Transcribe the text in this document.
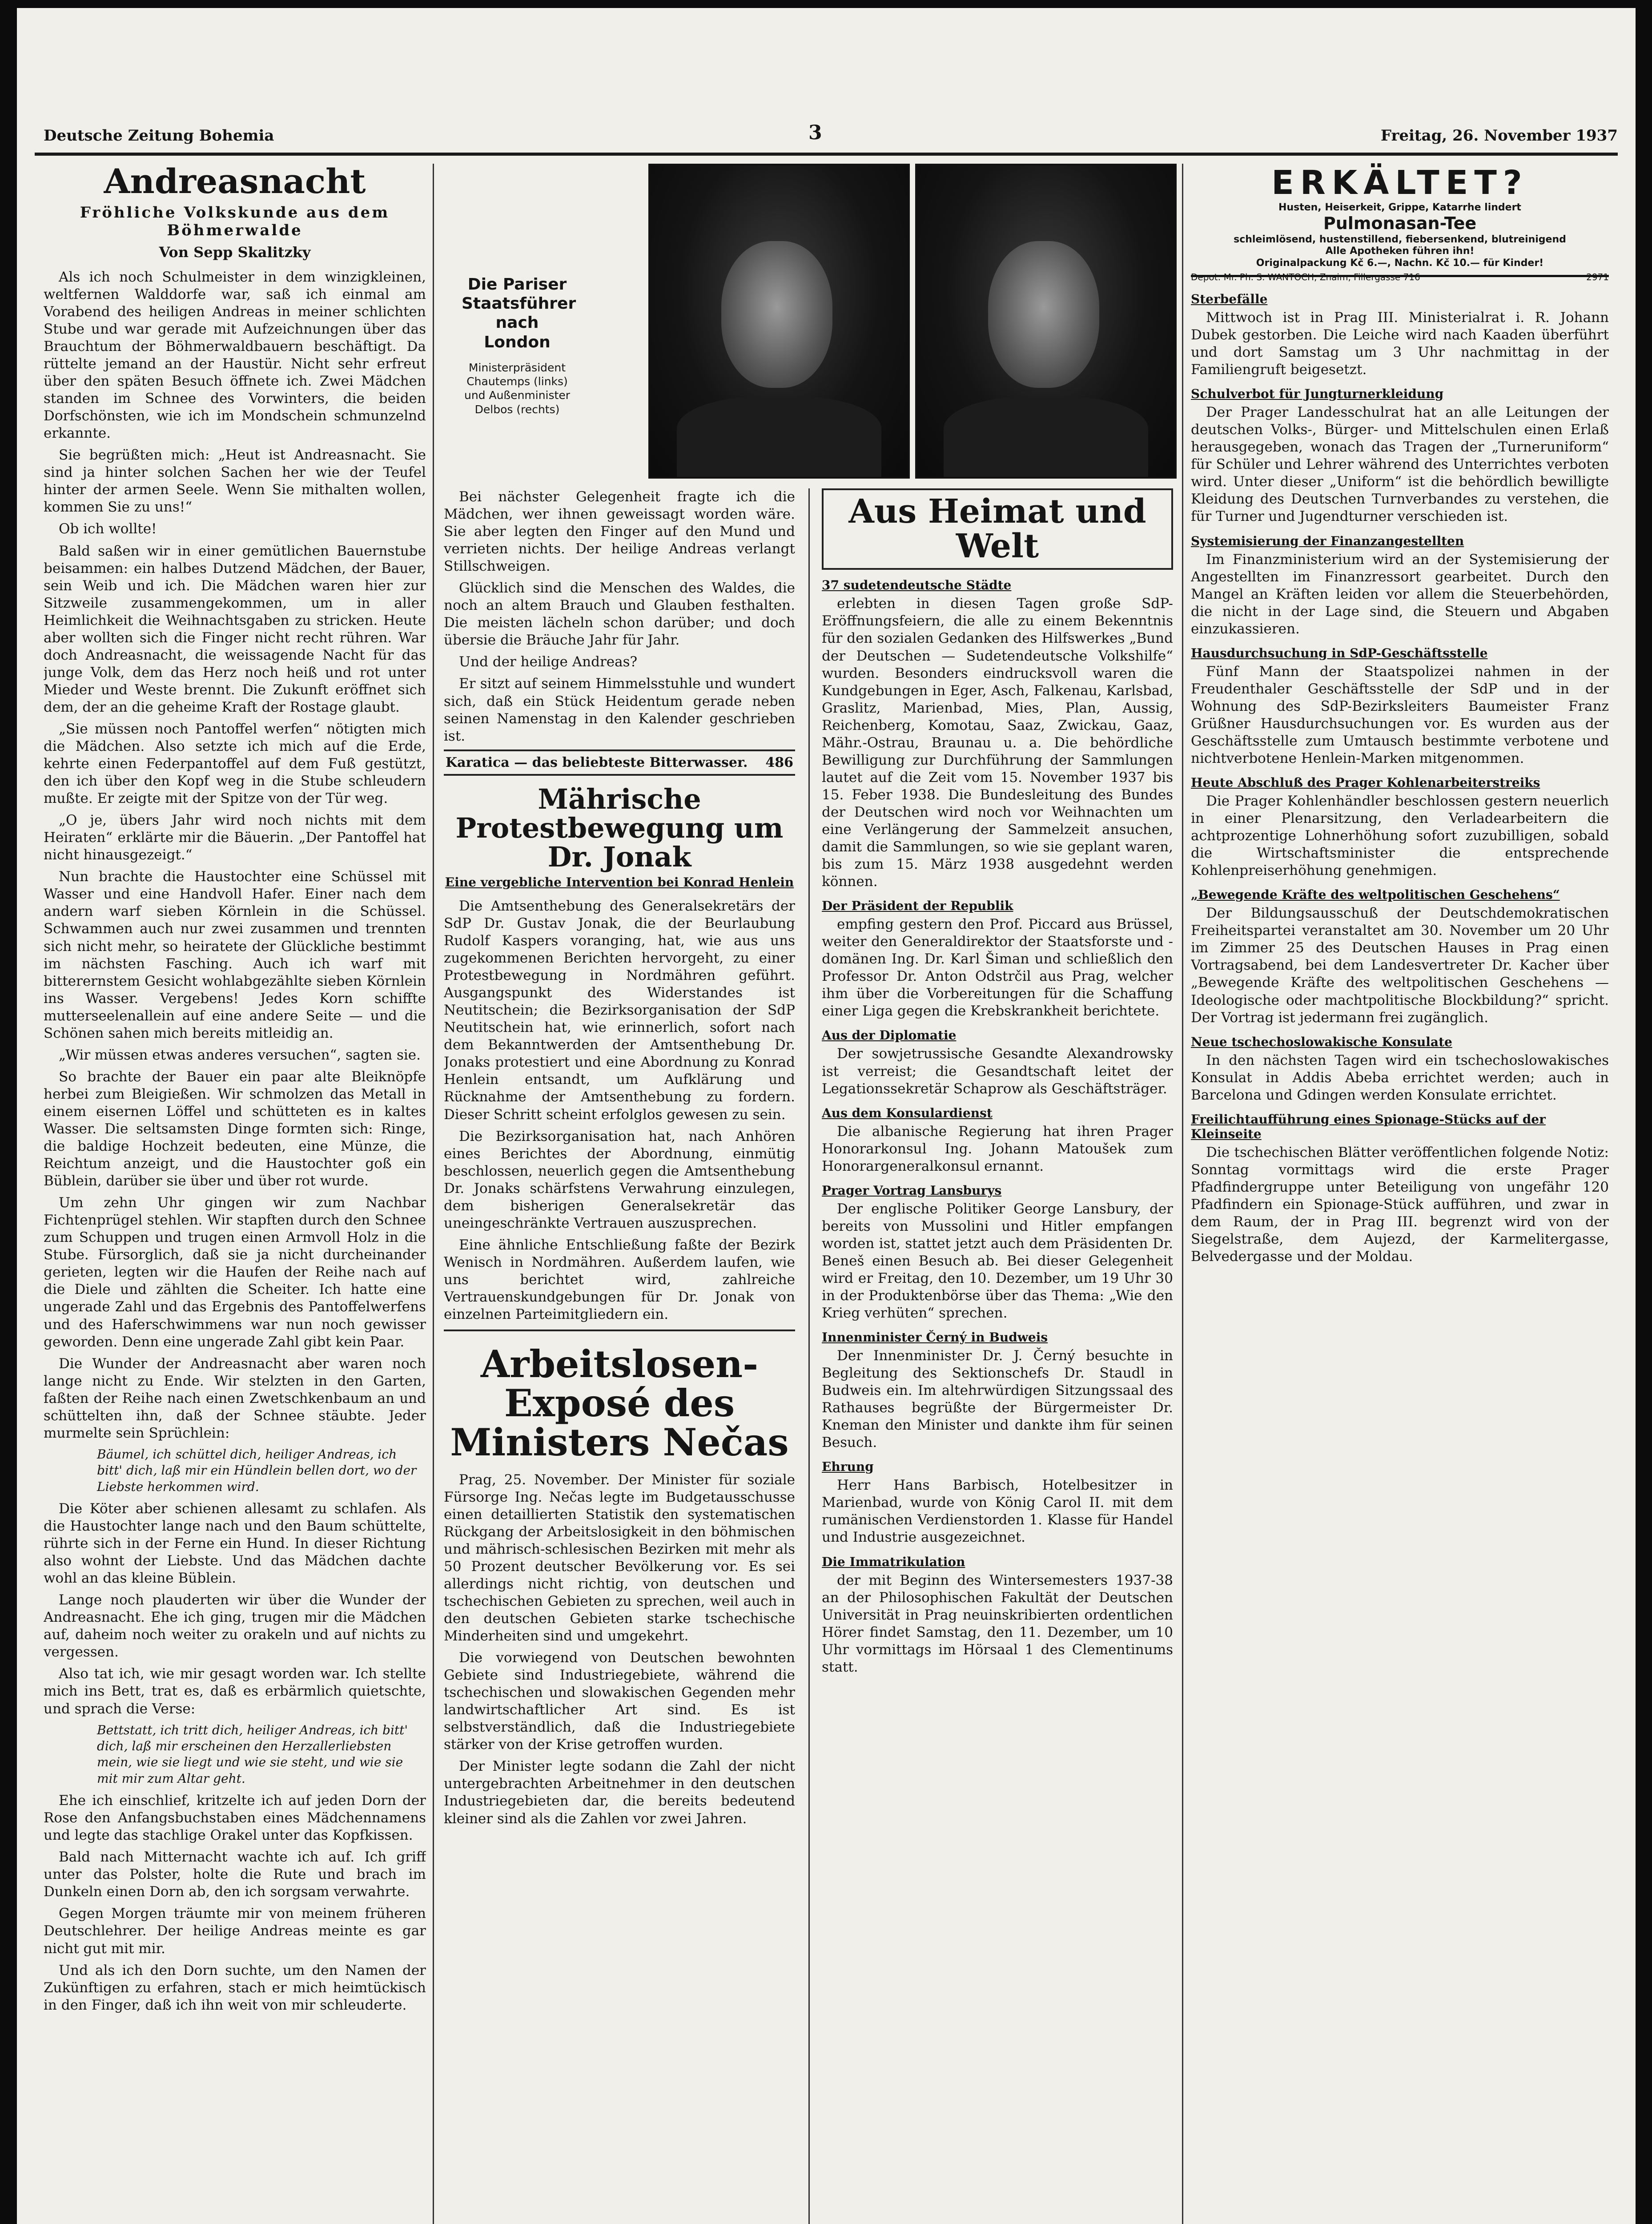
Deutsche Zeitung Bohemia	3	Freitag, 26. November 1937
Andreasnacht
Fröhliche Volkskunde aus dem Böhmerwalde
Von Sepp Skalitzky

Als ich noch Schulmeister in dem winzigkleinen, weltfernen Walddorfe war, saß ich einmal am Vorabend des heiligen Andreas in meiner schlichten Stube und war gerade mit Aufzeichnungen über das Brauchtum der Böhmerwaldbauern beschäftigt. Da rüttelte jemand an der Haustür. Nicht sehr erfreut über den späten Besuch öffnete ich. Zwei Mädchen standen im Schnee des Vorwinters, die beiden Dorfschönsten, wie ich im Mondschein schmunzelnd erkannte.

Sie begrüßten mich: „Heut ist Andreasnacht. Sie sind ja hinter solchen Sachen her wie der Teufel hinter der armen Seele. Wenn Sie mithalten wollen, kommen Sie zu uns!“

Ob ich wollte!

Bald saßen wir in einer gemütlichen Bauernstube beisammen: ein halbes Dutzend Mädchen, der Bauer, sein Weib und ich. Die Mädchen waren hier zur Sitzweile zusammengekommen, um in aller Heimlichkeit die Weihnachtsgaben zu stricken. Heute aber wollten sich die Finger nicht recht rühren. War doch Andreasnacht, die weissagende Nacht für das junge Volk, dem das Herz noch heiß und rot unter Mieder und Weste brennt. Die Zukunft eröffnet sich dem, der an die geheime Kraft der Rostage glaubt.

„Sie müssen noch Pantoffel werfen“ nötigten mich die Mädchen. Also setzte ich mich auf die Erde, kehrte einen Federpantoffel auf dem Fuß gestützt, den ich über den Kopf weg in die Stube schleudern mußte. Er zeigte mit der Spitze von der Tür weg.

„O je, übers Jahr wird noch nichts mit dem Heiraten“ erklärte mir die Bäuerin. „Der Pantoffel hat nicht hinausgezeigt.“

Nun brachte die Haustochter eine Schüssel mit Wasser und eine Handvoll Hafer. Einer nach dem andern warf sieben Körnlein in die Schüssel. Schwammen auch nur zwei zusammen und trennten sich nicht mehr, so heiratete der Glückliche bestimmt im nächsten Fasching. Auch ich warf mit bitterernstem Gesicht wohlabgezählte sieben Körnlein ins Wasser. Vergebens! Jedes Korn schiffte mutterseelenallein auf eine andere Seite — und die Schönen sahen mich bereits mitleidig an.

„Wir müssen etwas anderes versuchen“, sagten sie.

So brachte der Bauer ein paar alte Bleiknöpfe herbei zum Bleigießen. Wir schmolzen das Metall in einem eisernen Löffel und schütteten es in kaltes Wasser. Die seltsamsten Dinge formten sich: Ringe, die baldige Hochzeit bedeuten, eine Münze, die Reichtum anzeigt, und die Haustochter goß ein Büblein, darüber sie über und über rot wurde.

Um zehn Uhr gingen wir zum Nachbar Fichtenprügel stehlen. Wir stapften durch den Schnee zum Schuppen und trugen einen Armvoll Holz in die Stube. Fürsorglich, daß sie ja nicht durcheinander gerieten, legten wir die Haufen der Reihe nach auf die Diele und zählten die Scheiter. Ich hatte eine ungerade Zahl und das Ergebnis des Pantoffelwerfens und des Haferschwimmens war nun noch gewisser geworden. Denn eine ungerade Zahl gibt kein Paar.

Die Wunder der Andreasnacht aber waren noch lange nicht zu Ende. Wir stelzten in den Garten, faßten der Reihe nach einen Zwetschkenbaum an und schüttelten ihn, daß der Schnee stäubte. Jeder murmelte sein Sprüchlein:

Bäumel, ich schüttel dich, heiliger Andreas, ich bitt' dich, laß mir ein Hündlein bellen dort, wo der Liebste herkommen wird.

Die Köter aber schienen allesamt zu schlafen. Als die Haustochter lange nach und den Baum schüttelte, rührte sich in der Ferne ein Hund. In dieser Richtung also wohnt der Liebste. Und das Mädchen dachte wohl an das kleine Büblein.

Lange noch plauderten wir über die Wunder der Andreasnacht. Ehe ich ging, trugen mir die Mädchen auf, daheim noch weiter zu orakeln und auf nichts zu vergessen.

Also tat ich, wie mir gesagt worden war. Ich stellte mich ins Bett, trat es, daß es erbärmlich quietschte, und sprach die Verse:

Bettstatt, ich tritt dich, heiliger Andreas, ich bitt' dich, laß mir erscheinen den Herzallerliebsten mein, wie sie liegt und wie sie steht, und wie sie mit mir zum Altar geht.

Ehe ich einschlief, kritzelte ich auf jeden Dorn der Rose den Anfangsbuchstaben eines Mädchennamens und legte das stachlige Orakel unter das Kopfkissen.

Bald nach Mitternacht wachte ich auf. Ich griff unter das Polster, holte die Rute und brach im Dunkeln einen Dorn ab, den ich sorgsam verwahrte.

Gegen Morgen träumte mir von meinem früheren Deutschlehrer. Der heilige Andreas meinte es gar nicht gut mit mir.

Und als ich den Dorn suchte, um den Namen der Zukünftigen zu erfahren, stach er mich heimtückisch in den Finger, daß ich ihn weit von mir schleuderte.

Die Pariser Staatsführer nach London
Ministerpräsident Chautemps (links) und Außenminister Delbos (rechts)

Bei nächster Gelegenheit fragte ich die Mädchen, wer ihnen geweissagt worden wäre. Sie aber legten den Finger auf den Mund und verrieten nichts. Der heilige Andreas verlangt Stillschweigen.

Glücklich sind die Menschen des Waldes, die noch an altem Brauch und Glauben festhalten. Die meisten lächeln schon darüber; und doch übersie die Bräuche Jahr für Jahr.

Und der heilige Andreas?

Er sitzt auf seinem Himmelsstuhle und wundert sich, daß ein Stück Heidentum gerade neben seinen Namenstag in den Kalender geschrieben ist.

Karatica — das beliebteste Bitterwasser. 486
Mährische Protestbewegung um Dr. Jonak
Eine vergebliche Intervention bei Konrad Henlein

Die Amtsenthebung des Generalsekretärs der SdP Dr. Gustav Jonak, die der Beurlaubung Rudolf Kaspers voranging, hat, wie aus uns zugekommenen Berichten hervorgeht, zu einer Protestbewegung in Nordmähren geführt. Ausgangspunkt des Widerstandes ist Neutitschein; die Bezirksorganisation der SdP Neutitschein hat, wie erinnerlich, sofort nach dem Bekanntwerden der Amtsenthebung Dr. Jonaks protestiert und eine Abordnung zu Konrad Henlein entsandt, um Aufklärung und Rücknahme der Amtsenthebung zu fordern. Dieser Schritt scheint erfolglos gewesen zu sein.

Die Bezirksorganisation hat, nach Anhören eines Berichtes der Abordnung, einmütig beschlossen, neuerlich gegen die Amtsenthebung Dr. Jonaks schärfstens Verwahrung einzulegen, dem bisherigen Generalsekretär das uneingeschränkte Vertrauen auszusprechen.

Eine ähnliche Entschließung faßte der Bezirk Wenisch in Nordmähren. Außerdem laufen, wie uns berichtet wird, zahlreiche Vertrauenskundgebungen für Dr. Jonak von einzelnen Parteimitgliedern ein.

Arbeitslosen-Exposé des Ministers Nečas

Prag, 25. November. Der Minister für soziale Fürsorge Ing. Nečas legte im Budgetausschusse einen detaillierten Statistik den systematischen Rückgang der Arbeitslosigkeit in den böhmischen und mährisch-schlesischen Bezirken mit mehr als 50 Prozent deutscher Bevölkerung vor. Es sei allerdings nicht richtig, von deutschen und tschechischen Gebieten zu sprechen, weil auch in den deutschen Gebieten starke tschechische Minderheiten sind und umgekehrt.

Die vorwiegend von Deutschen bewohnten Gebiete sind Industriegebiete, während die tschechischen und slowakischen Gegenden mehr landwirtschaftlicher Art sind. Es ist selbstverständlich, daß die Industriegebiete stärker von der Krise getroffen wurden.

Der Minister legte sodann die Zahl der nicht untergebrachten Arbeitnehmer in den deutschen Industriegebieten dar, die bereits bedeutend kleiner sind als die Zahlen vor zwei Jahren.

Aus Heimat und Welt
37 sudetendeutsche Städte

erlebten in diesen Tagen große SdP-Eröffnungsfeiern, die alle zu einem Bekenntnis für den sozialen Gedanken des Hilfswerkes „Bund der Deutschen — Sudetendeutsche Volkshilfe“ wurden. Besonders eindrucksvoll waren die Kundgebungen in Eger, Asch, Falkenau, Karlsbad, Graslitz, Marienbad, Mies, Plan, Aussig, Reichenberg, Komotau, Saaz, Zwickau, Gaaz, Mähr.-Ostrau, Braunau u. a. Die behördliche Bewilligung zur Durchführung der Sammlungen lautet auf die Zeit vom 15. November 1937 bis 15. Feber 1938. Die Bundesleitung des Bundes der Deutschen wird noch vor Weihnachten um eine Verlängerung der Sammelzeit ansuchen, damit die Sammlungen, so wie sie geplant waren, bis zum 15. März 1938 ausgedehnt werden können.

Der Präsident der Republik

empfing gestern den Prof. Piccard aus Brüssel, weiter den Generaldirektor der Staatsforste und -domänen Ing. Dr. Karl Šiman und schließlich den Professor Dr. Anton Odstrčil aus Prag, welcher ihm über die Vorbereitungen für die Schaffung einer Liga gegen die Krebskrankheit berichtete.

Aus der Diplomatie

Der sowjetrussische Gesandte Alexandrowsky ist verreist; die Gesandtschaft leitet der Legationssekretär Schaprow als Geschäftsträger.

Aus dem Konsulardienst

Die albanische Regierung hat ihren Prager Honorarkonsul Ing. Johann Matoušek zum Honorargeneralkonsul ernannt.

Prager Vortrag Lansburys

Der englische Politiker George Lansbury, der bereits von Mussolini und Hitler empfangen worden ist, stattet jetzt auch dem Präsidenten Dr. Beneš einen Besuch ab. Bei dieser Gelegenheit wird er Freitag, den 10. Dezember, um 19 Uhr 30 in der Produktenbörse über das Thema: „Wie den Krieg verhüten“ sprechen.

Innenminister Černý in Budweis

Der Innenminister Dr. J. Černý besuchte in Begleitung des Sektionschefs Dr. Staudl in Budweis ein. Im altehrwürdigen Sitzungssaal des Rathauses begrüßte der Bürgermeister Dr. Kneman den Minister und dankte ihm für seinen Besuch.

Ehrung

Herr Hans Barbisch, Hotelbesitzer in Marienbad, wurde von König Carol II. mit dem rumänischen Verdienstorden 1. Klasse für Handel und Industrie ausgezeichnet.

Die Immatrikulation

der mit Beginn des Wintersemesters 1937-38 an der Philosophischen Fakultät der Deutschen Universität in Prag neuinskribierten ordentlichen Hörer findet Samstag, den 11. Dezember, um 10 Uhr vormittags im Hörsaal 1 des Clementinums statt.

ERKÄLTET?
Husten, Heiserkeit, Grippe, Katarrhe lindert
Pulmonasan-Tee
schleimlösend, hustenstillend, fiebersenkend, blutreinigend
Alle Apotheken führen ihn!
Originalpackung Kč 6.—, Nachn. Kč 10.— für Kinder!
Depot: Mr. Ph. S. WANTOCH, Znaim, Fillergasse 716	2971
Sterbefälle

Mittwoch ist in Prag III. Ministerialrat i. R. Johann Dubek gestorben. Die Leiche wird nach Kaaden überführt und dort Samstag um 3 Uhr nachmittag in der Familiengruft beigesetzt.

Schulverbot für Jungturnerkleidung

Der Prager Landesschulrat hat an alle Leitungen der deutschen Volks-, Bürger- und Mittelschulen einen Erlaß herausgegeben, wonach das Tragen der „Turneruniform“ für Schüler und Lehrer während des Unterrichtes verboten wird. Unter dieser „Uniform“ ist die behördlich bewilligte Kleidung des Deutschen Turnverbandes zu verstehen, die für Turner und Jugendturner verschieden ist.

Systemisierung der Finanzangestellten

Im Finanzministerium wird an der Systemisierung der Angestellten im Finanzressort gearbeitet. Durch den Mangel an Kräften leiden vor allem die Steuerbehörden, die nicht in der Lage sind, die Steuern und Abgaben einzukassieren.

Hausdurchsuchung in SdP-Geschäftsstelle

Fünf Mann der Staatspolizei nahmen in der Freudenthaler Geschäftsstelle der SdP und in der Wohnung des SdP-Bezirksleiters Baumeister Franz Grüßner Hausdurchsuchungen vor. Es wurden aus der Geschäftsstelle zum Umtausch bestimmte verbotene und nichtverbotene Henlein-Marken mitgenommen.

Heute Abschluß des Prager Kohlenarbeiterstreiks

Die Prager Kohlenhändler beschlossen gestern neuerlich in einer Plenarsitzung, den Verladearbeitern die achtprozentige Lohnerhöhung sofort zuzubilligen, sobald die Wirtschaftsminister die entsprechende Kohlenpreiserhöhung genehmigen.

„Bewegende Kräfte des weltpolitischen Geschehens“

Der Bildungsausschuß der Deutschdemokratischen Freiheitspartei veranstaltet am 30. November um 20 Uhr im Zimmer 25 des Deutschen Hauses in Prag einen Vortragsabend, bei dem Landesvertreter Dr. Kacher über „Bewegende Kräfte des weltpolitischen Geschehens — Ideologische oder machtpolitische Blockbildung?“ spricht. Der Vortrag ist jedermann frei zugänglich.

Neue tschechoslowakische Konsulate

In den nächsten Tagen wird ein tschechoslowakisches Konsulat in Addis Abeba errichtet werden; auch in Barcelona und Gdingen werden Konsulate errichtet.

Freilichtaufführung eines Spionage-Stücks auf der Kleinseite

Die tschechischen Blätter veröffentlichen folgende Notiz: Sonntag vormittags wird die erste Prager Pfadfindergruppe unter Beteiligung von ungefähr 120 Pfadfindern ein Spionage-Stück aufführen, und zwar in dem Raum, der in Prag III. begrenzt wird von der Siegelstraße, dem Aujezd, der Karmelitergasse, Belvedergasse und der Moldau.
